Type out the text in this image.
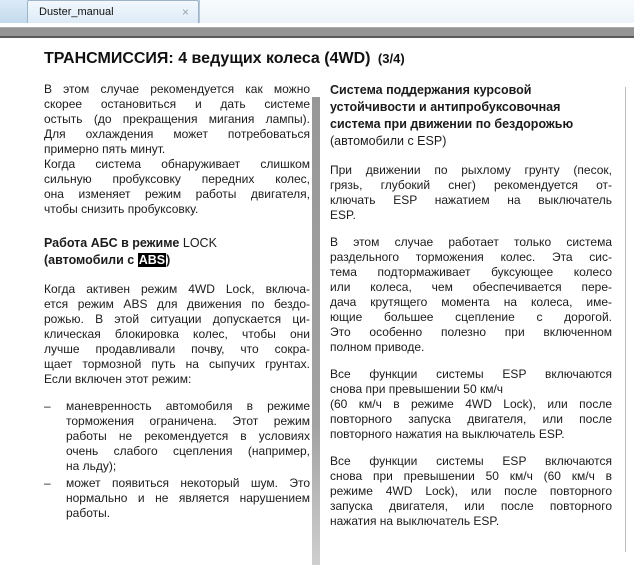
Duster_manual	×
ТРАНСМИССИЯ: 4 ведущих колеса (4WD) (3/4)
В этом случае рекомендуется как можно
скорее остановиться и дать системе
остыть (до прекращения мигания лампы).
Для охлаждения может потребоваться
примерно пять минут.
Когда система обнаруживает слишком
сильную пробуксовку передних колес,
она изменяет режим работы двигателя,
чтобы снизить пробуксовку.
Работа АБС в режиме LOCK
(автомобили с ABS)
Когда активен режим 4WD Lock, включа-
ется режим ABS для движения по бездо-
рожью. В этой ситуации допускается ци-
клическая блокировка колес, чтобы они
лучше продавливали почву, что сокра-
щает тормозной путь на сыпучих грунтах.
Если включен этот режим:
–	маневренность автомобиля в режиме
торможения ограничена. Этот режим
работы не рекомендуется в условиях
очень слабого сцепления (например,
на льду);
–	может появиться некоторый шум. Это
нормально и не является нарушением
работы.
Система поддержания курсовой
устойчивости и антипробуксовочная
система при движении по бездорожью
(автомобили с ESP)
При движении по рыхлому грунту (песок,
грязь, глубокий снег) рекомендуется от-
ключать ESP нажатием на выключатель
ESP.
В этом случае работает только система
раздельного торможения колес. Эта сис-
тема подтормаживает буксующее колесо
или колеса, чем обеспечивается пере-
дача крутящего момента на колеса, име-
ющие большее сцепление с дорогой.
Это особенно полезно при включенном
полном приводе.
Все функции системы ESP включаются
снова при превышении 50 км/ч
(60 км/ч в режиме 4WD Lock), или после
повторного запуска двигателя, или после
повторного нажатия на выключатель ESP.
Все функции системы ESP включаются
снова при превышении 50 км/ч (60 км/ч в
режиме 4WD Lock), или после повторного
запуска двигателя, или после повторного
нажатия на выключатель ESP.
